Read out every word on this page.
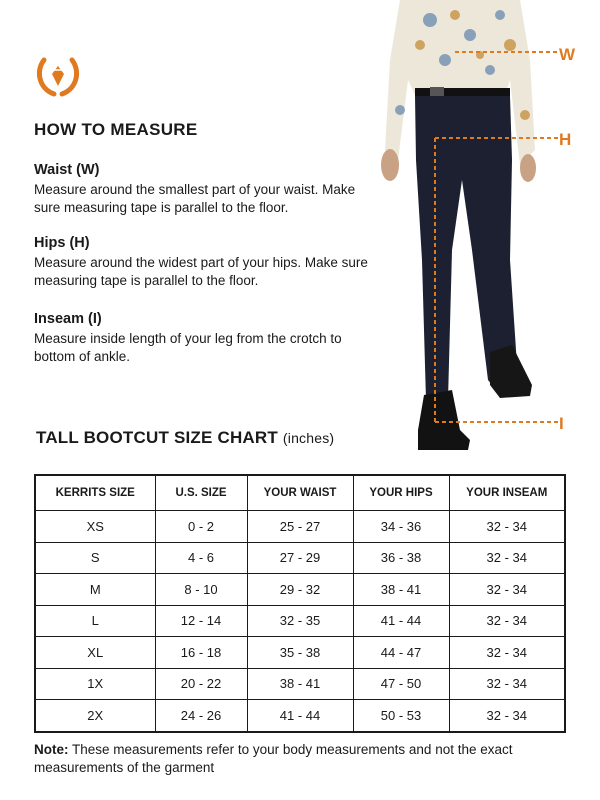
HOW TO MEASURE
Waist (W)
Measure around the smallest part of your waist. Make sure measuring tape is parallel to the floor.
Hips (H)
Measure around the widest part of your hips. Make sure measuring tape is parallel to the floor.
Inseam (I)
Measure inside length of your leg from the crotch to bottom of ankle.
W
H
I
TALL BOOTCUT SIZE CHART (inches)
KERRITS SIZE	U.S. SIZE	YOUR WAIST	YOUR HIPS	YOUR INSEAM
XS	0 - 2	25 - 27	34 - 36	32 - 34
S	4 - 6	27 - 29	36 - 38	32 - 34
M	8 - 10	29 - 32	38 - 41	32 - 34
L	12 - 14	32 - 35	41 - 44	32 - 34
XL	16 - 18	35 - 38	44 - 47	32 - 34
1X	20 - 22	38 - 41	47 - 50	32 - 34
2X	24 - 26	41 - 44	50 - 53	32 - 34
Note: These measurements refer to your body measurements and not the exact measurements of the garment
